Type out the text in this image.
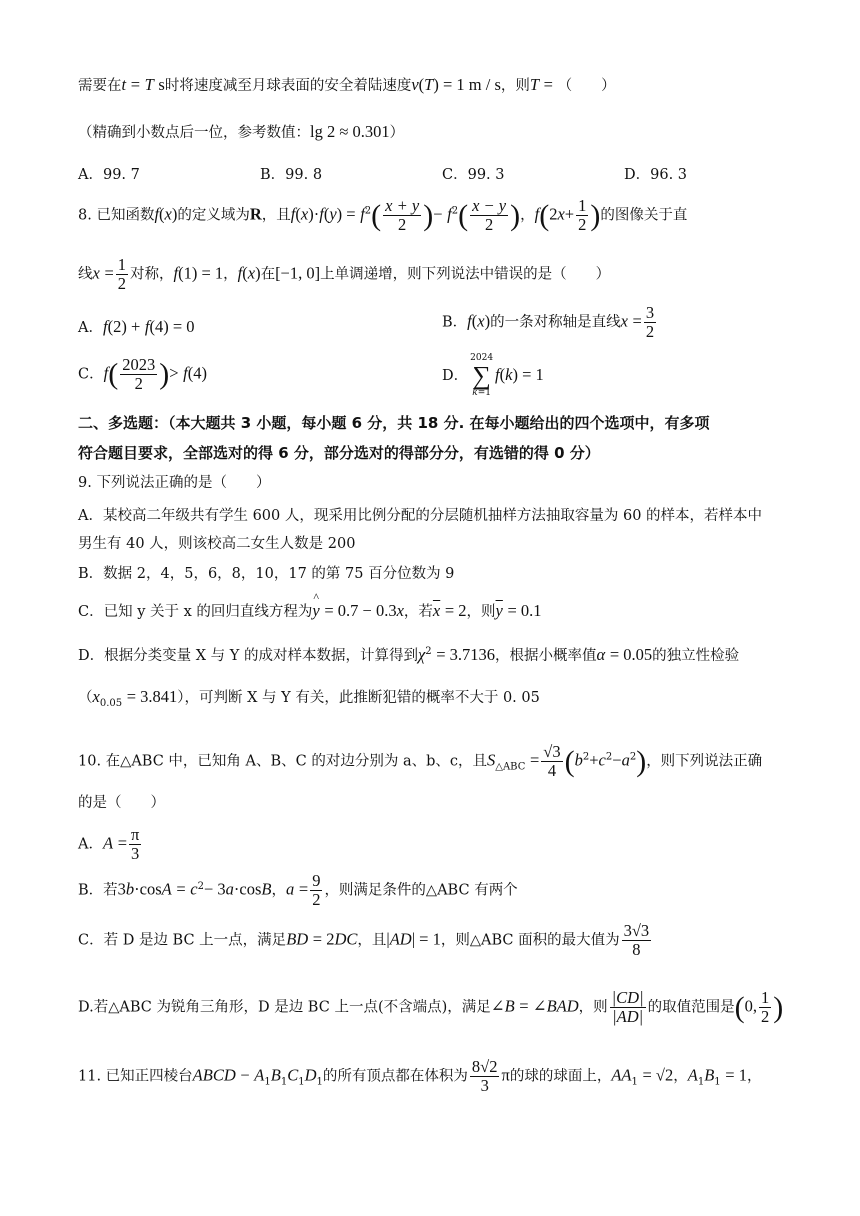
需要在t = T s时将速度减至月球表面的安全着陆速度v(T) = 1 m / s，则T = （　　）
（精确到小数点后一位，参考数值：lg 2 ≈ 0.301）
A．99. 7	B．99. 8	C．99. 3	D．96. 3
8. 已知函数f(x)的定义域为R，且$f(x)\cdot f(y) = f^2( \frac{x + y}{2}$ )− $f^2( \frac{x - y}{2}$ )，$f(2x+ \frac{1}{2}$ )的图像关于直
线$x = \frac{1}{2}$ 对称，f(1) = 1，f(x)在[−1, 0]上单调递增，则下列说法中错误的是（　　）
A．f(2) + f(4) = 0	B．f(x)的一条对称轴是直线$x = \frac{3}{2}$
C．$f( \frac{2023}{2}$ )> f(4)	D．
2024
∑
k=1
f(k) = 1
二、多选题：（本大题共 3 小题，每小题 6 分，共 18 分. 在每小题给出的四个选项中，有多项
符合题目要求，全部选对的得 6 分，部分选对的得部分分，有选错的得 0 分）
9. 下列说法正确的是（　　）
A．某校高二年级共有学生 600 人，现采用比例分配的分层随机抽样方法抽取容量为 60 的样本，若样本中
男生有 40 人，则该校高二女生人数是 200
B．数据 2，4，5，6，8，10，17 的第 75 百分位数为 9
C．已知 y 关于 x 的回归直线方程为^ y = 0.7 − 0.3x，若$\overline{x} = 2$，则$\overline{y} = 0.1$
D．根据分类变量 X 与 Y 的成对样本数据，计算得到$\chi^2 = 3.7136$，根据小概率值α = 0.05的独立性检验
$(x_{0.05} = 3.841)$，可判断 X 与 Y 有关，此推断犯错的概率不大于 0. 05
10. 在△ABC 中，已知角 A、B、C 的对边分别为 a、b、c，且$S_{\triangle ABC} = \frac{√3}{4} (b^2+c^2-a^2)$，则下列说法正确
的是（　　）
A．$A = \frac{\pi}{3}$
B．若$3b\cdot\cos A = c^2- 3a\cdot\cos B$，$a = \frac{9}{2}$ ，则满足条件的△ABC 有两个
C．若 D 是边 BC 上一点，满足BD = 2DC，且|AD| = 1，则△ABC 面积的最大值为 $\frac{3√3}{8}$
D.若△ABC 为锐角三角形，D 是边 BC 上一点(不含端点)，满足∠B = ∠BAD，则 $\frac{|CD|}{|AD|}$ 的取值范围是(0, $\frac{1}{2}$ )
11. 已知正四棱台ABCD − $A_1B_1C_1D_1$的所有顶点都在体积为 $\frac{8√2}{3}$ π的球的球面上，$AA_1 = √2$，$A_1B_1 = 1$，
